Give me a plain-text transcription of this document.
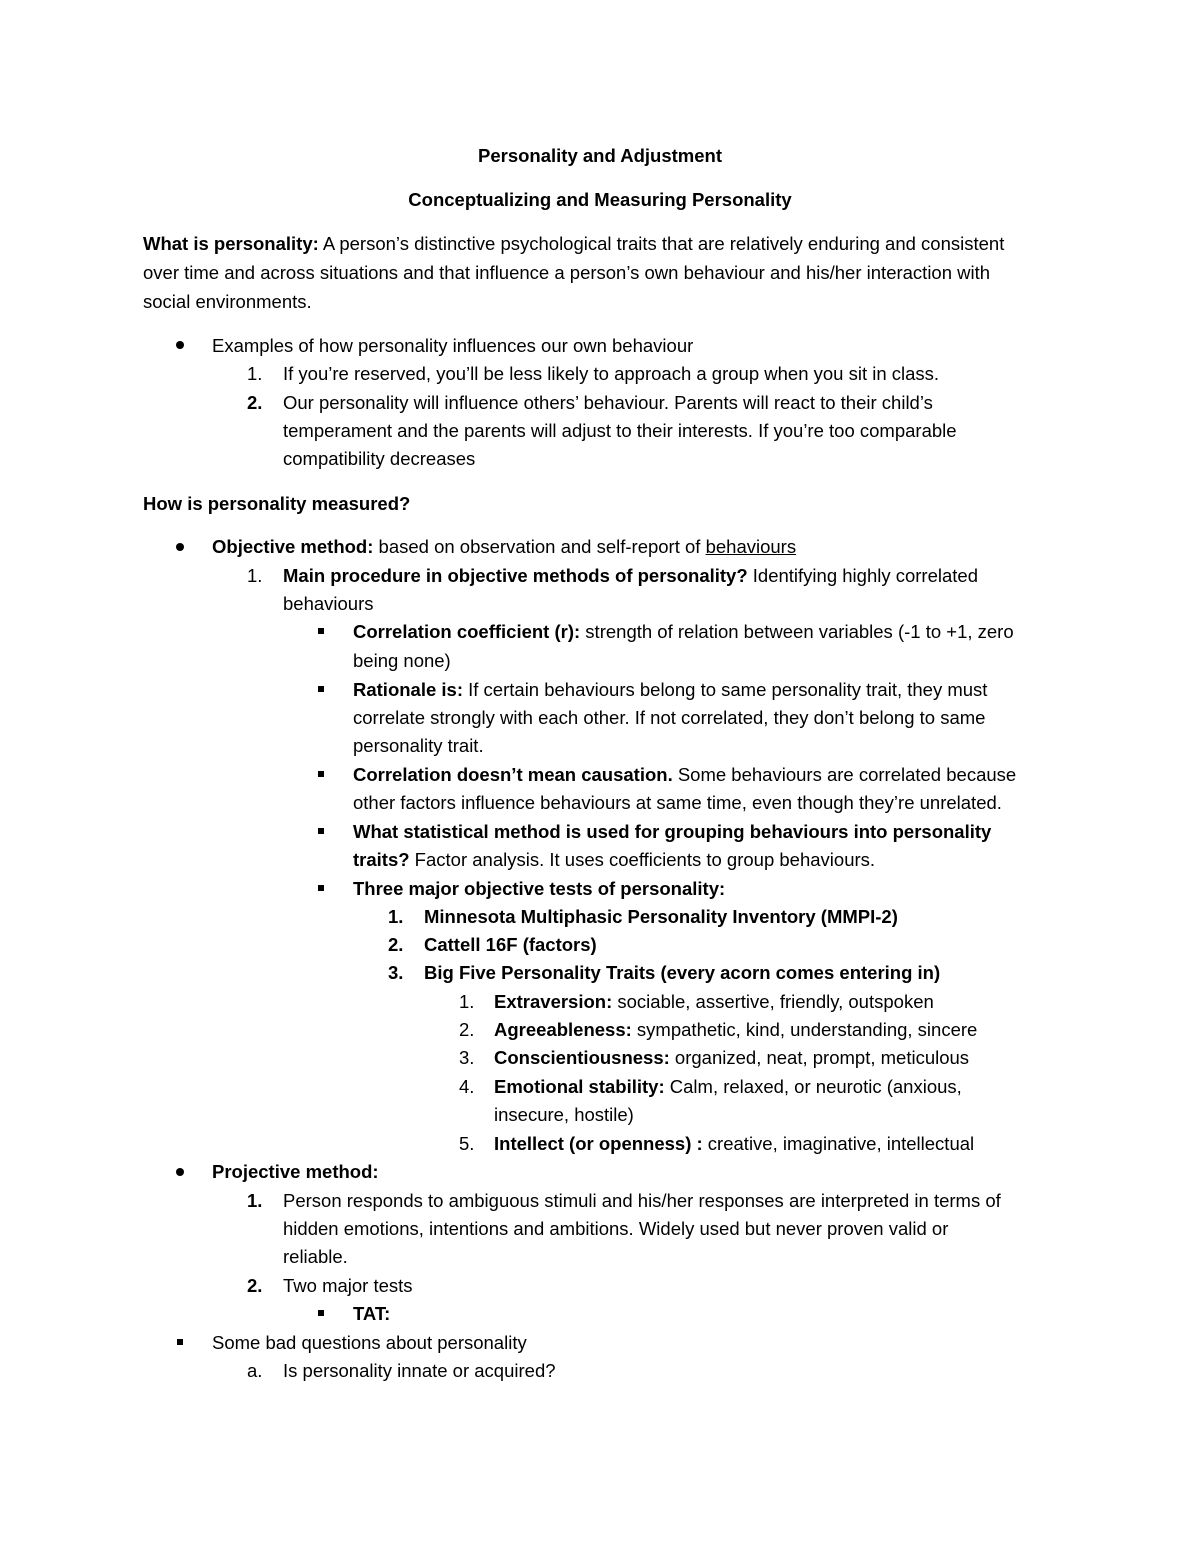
Personality and Adjustment
Conceptualizing and Measuring Personality
What is personality: A person’s distinctive psychological traits that are relatively enduring and consistent
over time and across situations and that influence a person’s own behaviour and his/her interaction with
social environments.
Examples of how personality influences our own behaviour
1. If you’re reserved, you’ll be less likely to approach a group when you sit in class.
2. Our personality will influence others’ behaviour. Parents will react to their child’s
temperament and the parents will adjust to their interests. If you’re too comparable
compatibility decreases
How is personality measured?
Objective method: based on observation and self-report of behaviours
1. Main procedure in objective methods of personality? Identifying highly correlated
behaviours
Correlation coefficient (r): strength of relation between variables (-1 to +1, zero
being none)
Rationale is: If certain behaviours belong to same personality trait, they must
correlate strongly with each other. If not correlated, they don’t belong to same
personality trait.
Correlation doesn’t mean causation. Some behaviours are correlated because
other factors influence behaviours at same time, even though they’re unrelated.
What statistical method is used for grouping behaviours into personality
traits? Factor analysis. It uses coefficients to group behaviours.
Three major objective tests of personality:
1. Minnesota Multiphasic Personality Inventory (MMPI-2)
2. Cattell 16F (factors)
3. Big Five Personality Traits (every acorn comes entering in)
1. Extraversion: sociable, assertive, friendly, outspoken
2. Agreeableness: sympathetic, kind, understanding, sincere
3. Conscientiousness: organized, neat, prompt, meticulous
4. Emotional stability: Calm, relaxed, or neurotic (anxious,
insecure, hostile)
5. Intellect (or openness) : creative, imaginative, intellectual
Projective method:
1. Person responds to ambiguous stimuli and his/her responses are interpreted in terms of
hidden emotions, intentions and ambitions. Widely used but never proven valid or
reliable.
2. Two major tests
TAT:
Some bad questions about personality
a. Is personality innate or acquired?
